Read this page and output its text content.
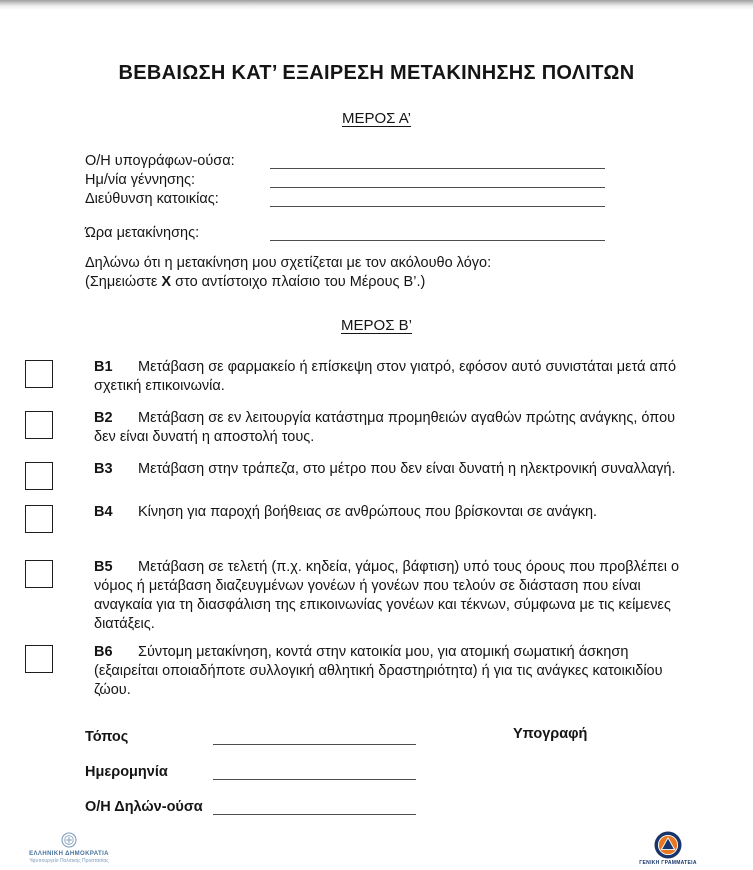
ΒΕΒΑΙΩΣΗ ΚΑΤ’ ΕΞΑΙΡΕΣΗ ΜΕΤΑΚΙΝΗΣΗΣ ΠΟΛΙΤΩΝ
ΜΕΡΟΣ Α’
Ο/Η υπογράφων-ούσα:
Ημ/νία γέννησης:
Διεύθυνση κατοικίας:
Ώρα μετακίνησης:
Δηλώνω ότι η μετακίνηση μου σχετίζεται με τον ακόλουθο λόγο:
(Σημειώστε X στο αντίστοιχο πλαίσιο του Μέρους Β’.)
ΜΕΡΟΣ Β’
Β1 Μετάβαση σε φαρμακείο ή επίσκεψη στον γιατρό, εφόσον αυτό συνιστάται μετά από σχετική επικοινωνία.
Β2 Μετάβαση σε εν λειτουργία κατάστημα προμηθειών αγαθών πρώτης ανάγκης, όπου δεν είναι δυνατή η αποστολή τους.
Β3 Μετάβαση στην τράπεζα, στο μέτρο που δεν είναι δυνατή η ηλεκτρονική συναλλαγή.
Β4 Κίνηση για παροχή βοήθειας σε ανθρώπους που βρίσκονται σε ανάγκη.
Β5 Μετάβαση σε τελετή (π.χ. κηδεία, γάμος, βάφτιση) υπό τους όρους που προβλέπει ο νόμος ή μετάβαση διαζευγμένων γονέων ή γονέων που τελούν σε διάσταση που είναι αναγκαία για τη διασφάλιση της επικοινωνίας γονέων και τέκνων, σύμφωνα με τις κείμενες διατάξεις.
Β6 Σύντομη μετακίνηση, κοντά στην κατοικία μου, για ατομική σωματική άσκηση (εξαιρείται οποιαδήποτε συλλογική αθλητική δραστηριότητα) ή για τις ανάγκες κατοικιδίου ζώου.
Υπογραφή
Τόπος
Ημερομηνία
Ο/Η Δηλών-ούσα
ΕΛΛΗΝΙΚΗ ΔΗΜΟΚΡΑΤΙΑ
Υφυπουργείο Πολιτικής Προστασίας	ΓΕΝΙΚΗ ΓΡΑΜΜΑΤΕΙΑ
